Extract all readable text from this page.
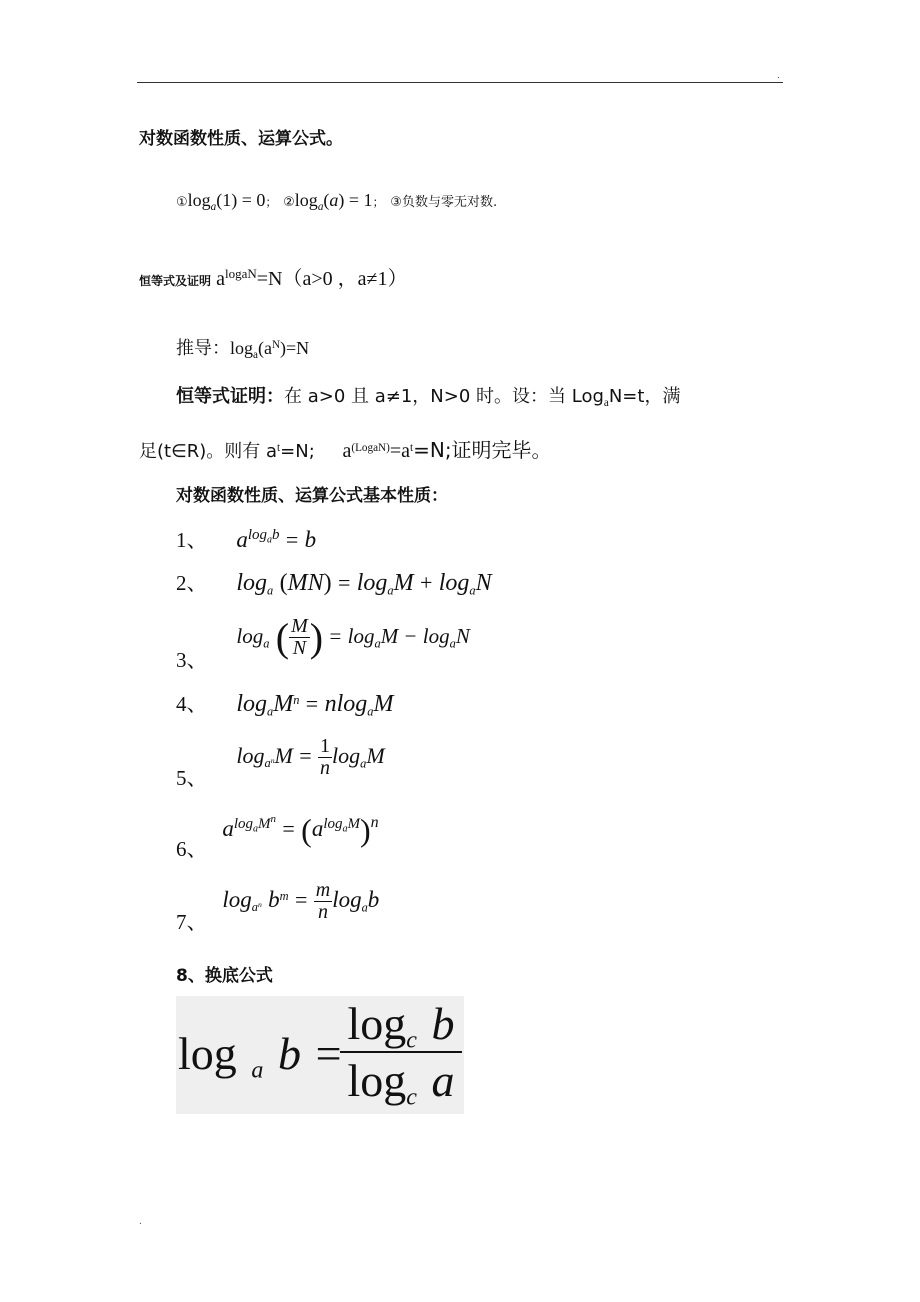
.
对数函数性质、运算公式。
$①\log_a(1) = 0$； $②\log_a(a) = 1$； ③负数与零无对数.
恒等式及证明 $a^{logaN}=N(a>0$ ，a≠1）
推导：$\log_a(a^N)=N$
恒等式证明：在 a>0 且 a≠1，N>0 时。设：当 Log$_a$N=t，满
足(t∈R)。则有 $a^t=N$; $a^{(LogaN)}=a^t=N$;证明完毕。
对数函数性质、运算公式基本性质：
1、 $a^{log_ab} = b$
2、 $\log_a (MN) = \log_aM + \log_aN$
3、 $\log_a$ ( $\frac{M}{N}$ ) = $\log_aM - \log_aN$
4、 $\log_aM^n = nlog_aM$
5、 $\log_{a^n}M = \frac{1}{n} \log_aM$
6、 $a^{log_aM^n} = (a^{log_aM})^n$
7、 $\log_{a^n} b^m = \frac{m}{n} \log_ab$
8、换底公式
log $_a$ b =
$\log_c b$
$\log_c a$
.
